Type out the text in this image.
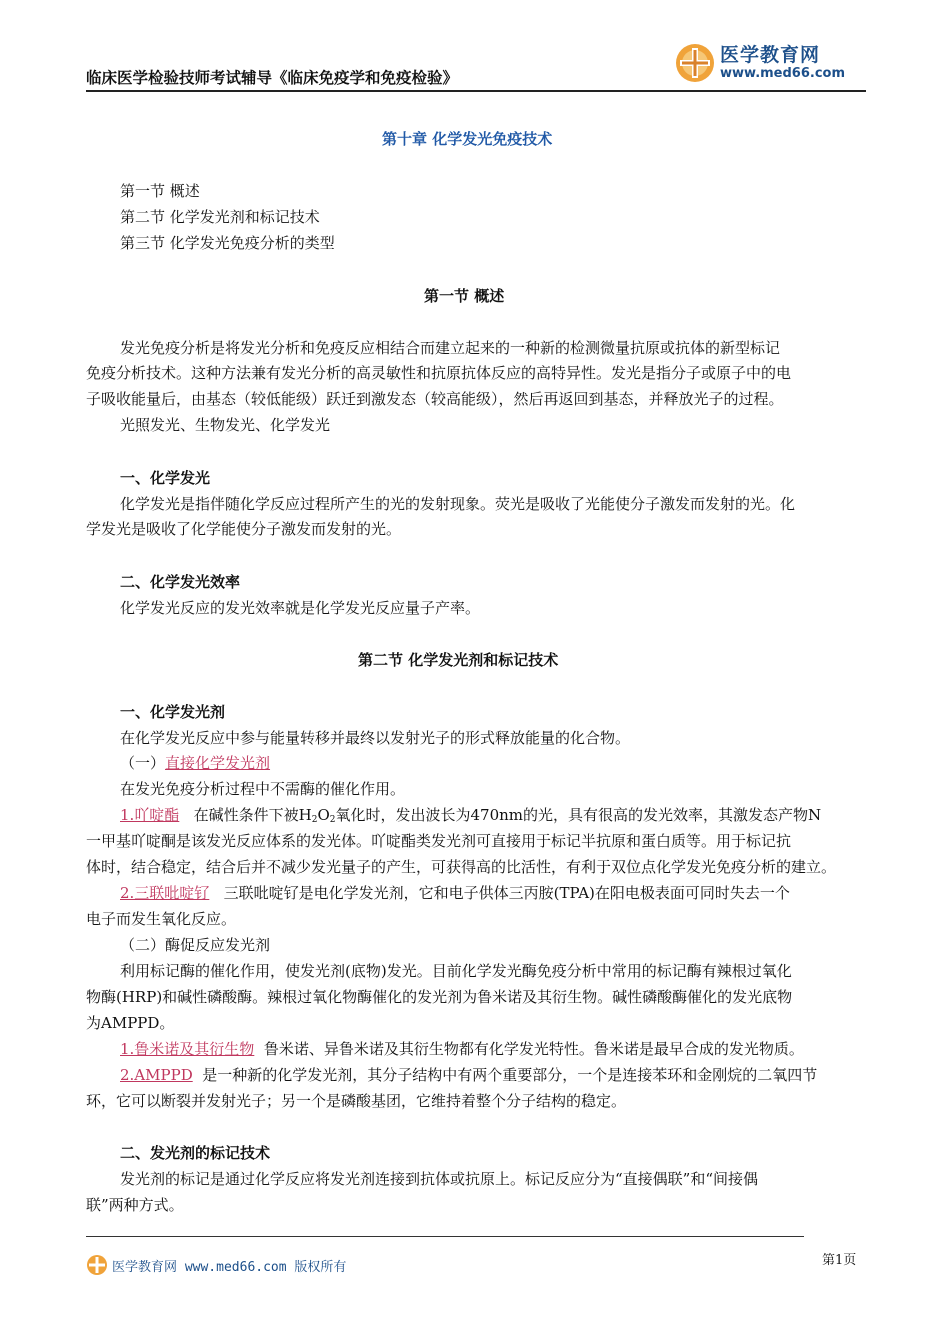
临床医学检验技师考试辅导《临床免疫学和免疫检验》
医学教育网
www.med66.com
第十章 化学发光免疫技术
第一节 概述
第二节 化学发光剂和标记技术
第三节 化学发光免疫分析的类型
第一节 概述
发光免疫分析是将发光分析和免疫反应相结合而建立起来的一种新的检测微量抗原或抗体的新型标记
免疫分析技术。这种方法兼有发光分析的高灵敏性和抗原抗体反应的高特异性。发光是指分子或原子中的电
子吸收能量后，由基态（较低能级）跃迁到激发态（较高能级），然后再返回到基态，并释放光子的过程。
光照发光、生物发光、化学发光
一、化学发光
化学发光是指伴随化学反应过程所产生的光的发射现象。荧光是吸收了光能使分子激发而发射的光。化
学发光是吸收了化学能使分子激发而发射的光。
二、化学发光效率
化学发光反应的发光效率就是化学发光反应量子产率。
第二节 化学发光剂和标记技术
一、化学发光剂
在化学发光反应中参与能量转移并最终以发射光子的形式释放能量的化合物。
（一）直接化学发光剂
在发光免疫分析过程中不需酶的催化作用。
1.吖啶酯 在碱性条件下被$H_2O_2$氧化时，发出波长为470nm的光，具有很高的发光效率，其激发态产物N
一甲基吖啶酮是该发光反应体系的发光体。吖啶酯类发光剂可直接用于标记半抗原和蛋白质等。用于标记抗
体时，结合稳定，结合后并不减少发光量子的产生，可获得高的比活性，有利于双位点化学发光免疫分析的建立。
2.三联吡啶钌 三联吡啶钌是电化学发光剂，它和电子供体三丙胺(TPA)在阳电极表面可同时失去一个
电子而发生氧化反应。
（二）酶促反应发光剂
利用标记酶的催化作用，使发光剂(底物)发光。目前化学发光酶免疫分析中常用的标记酶有辣根过氧化
物酶(HRP)和碱性磷酸酶。辣根过氧化物酶催化的发光剂为鲁米诺及其衍生物。碱性磷酸酶催化的发光底物
为AMPPD。
1.鲁米诺及其衍生物 鲁米诺、异鲁米诺及其衍生物都有化学发光特性。鲁米诺是最早合成的发光物质。
2.AMPPD 是一种新的化学发光剂，其分子结构中有两个重要部分，一个是连接苯环和金刚烷的二氧四节
环，它可以断裂并发射光子；另一个是磷酸基团，它维持着整个分子结构的稳定。
二、发光剂的标记技术
发光剂的标记是通过化学反应将发光剂连接到抗体或抗原上。标记反应分为“直接偶联”和“间接偶
联”两种方式。
医学教育网 www.med66.com 版权所有	第1页
